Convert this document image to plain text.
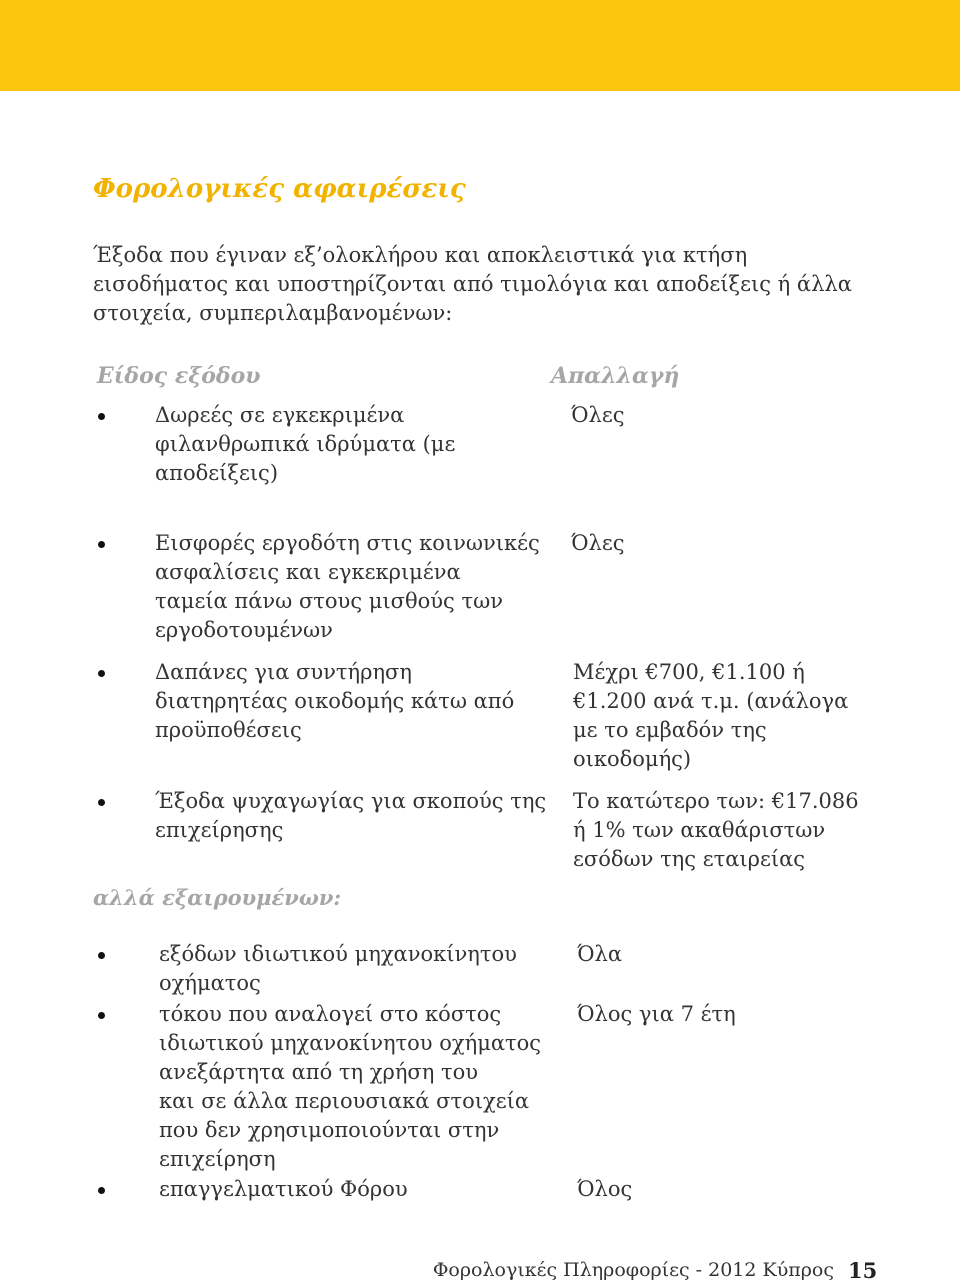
Φορολογικές αφαιρέσεις
Έξοδα που έγιναν εξ’ολοκλήρου και αποκλειστικά για κτήση
εισοδήματος και υποστηρίζονται από τιμολόγια και αποδείξεις ή άλλα
στοιχεία, συμπεριλαμβανομένων:
Είδος εξόδου	Απαλλαγή
Δωρεές σε εγκεκριμένα
φιλανθρωπικά ιδρύματα (με
αποδείξεις)
Όλες
Εισφορές εργοδότη στις κοινωνικές
ασφαλίσεις και εγκεκριμένα
ταμεία πάνω στους μισθούς των
εργοδοτουμένων
Όλες
Δαπάνες για συντήρηση
διατηρητέας οικοδομής κάτω από
προϋποθέσεις
Μέχρι €700, €1.100 ή
€1.200 ανά τ.μ. (ανάλογα
με το εμβαδόν της
οικοδομής)
Έξοδα ψυχαγωγίας για σκοπούς της
επιχείρησης
Το κατώτερο των: €17.086
ή 1% των ακαθάριστων
εσόδων της εταιρείας
αλλά εξαιρουμένων:
εξόδων ιδιωτικού μηχανοκίνητου
οχήματος
Όλα
τόκου που αναλογεί στο κόστος
ιδιωτικού μηχανοκίνητου οχήματος
ανεξάρτητα από τη χρήση του
και σε άλλα περιουσιακά στοιχεία
που δεν χρησιμοποιούνται στην
επιχείρηση
Όλος για 7 έτη
επαγγελματικού Φόρου	Όλος
Φορολογικές Πληροφορίες - 2012 Κύπρος 15
